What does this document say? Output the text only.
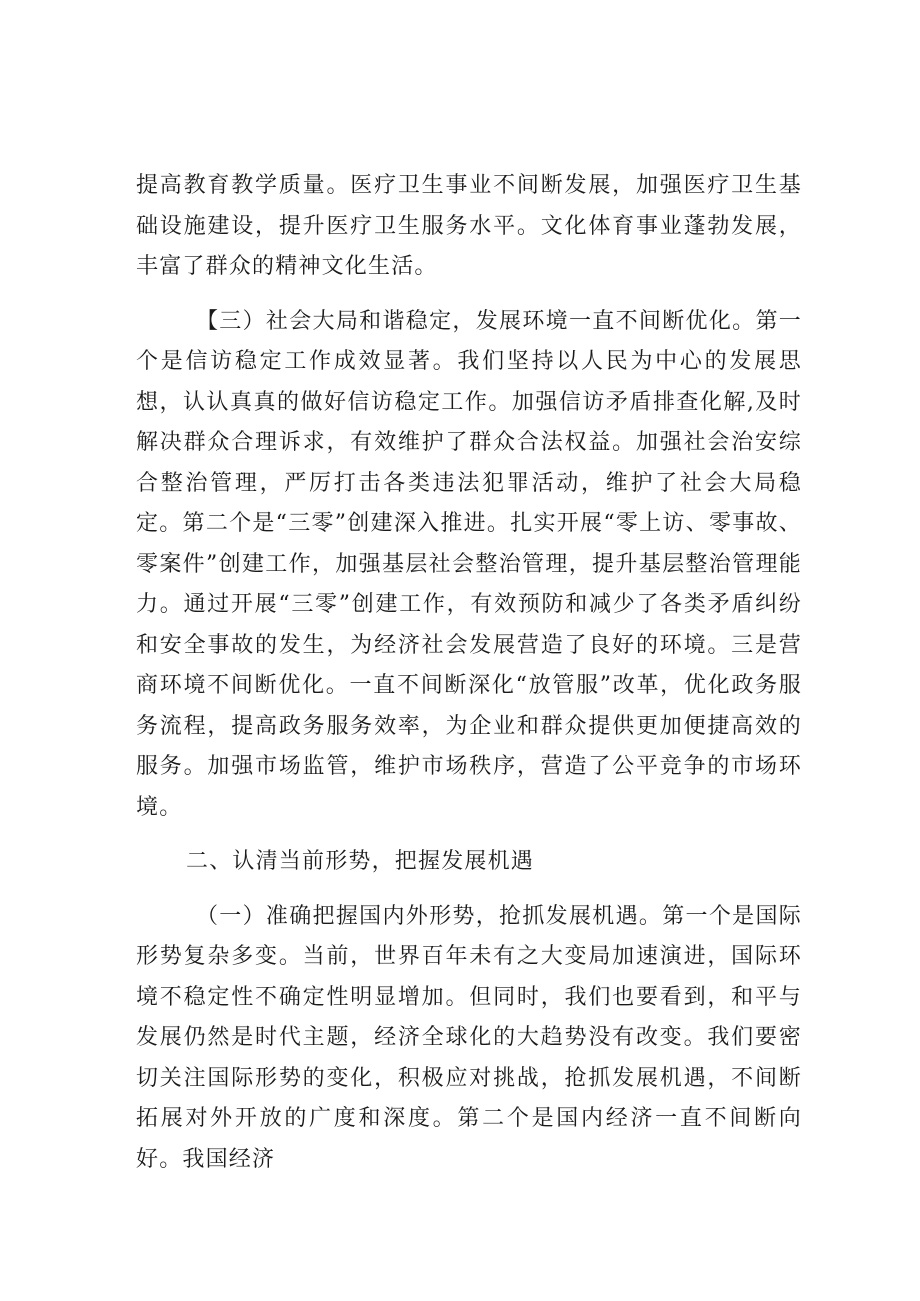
提高教育教学质量。医疗卫生事业不间断发展，加强医疗卫生基础设施建设，提升医疗卫生服务水平。文化体育事业蓬勃发展，丰富了群众的精神文化生活。

【三）社会大局和谐稳定，发展环境一直不间断优化。第一个是信访稳定工作成效显著。我们坚持以人民为中心的发展思想，认认真真的做好信访稳定工作。加强信访矛盾排查化解,及时解决群众合理诉求，有效维护了群众合法权益。加强社会治安综合整治管理，严厉打击各类违法犯罪活动，维护了社会大局稳定。第二个是“三零”创建深入推进。扎实开展“零上访、零事故、零案件”创建工作，加强基层社会整治管理，提升基层整治管理能力。通过开展“三零”创建工作，有效预防和减少了各类矛盾纠纷和安全事故的发生，为经济社会发展营造了良好的环境。三是营商环境不间断优化。一直不间断深化“放管服”改革，优化政务服务流程，提高政务服务效率，为企业和群众提供更加便捷高效的服务。加强市场监管，维护市场秩序，营造了公平竞争的市场环境。

二、认清当前形势，把握发展机遇

（一）准确把握国内外形势，抢抓发展机遇。第一个是国际形势复杂多变。当前，世界百年未有之大变局加速演进，国际环境不稳定性不确定性明显增加。但同时，我们也要看到，和平与发展仍然是时代主题，经济全球化的大趋势没有改变。我们要密切关注国际形势的变化，积极应对挑战，抢抓发展机遇，不间断拓展对外开放的广度和深度。第二个是国内经济一直不间断向好。我国经济
